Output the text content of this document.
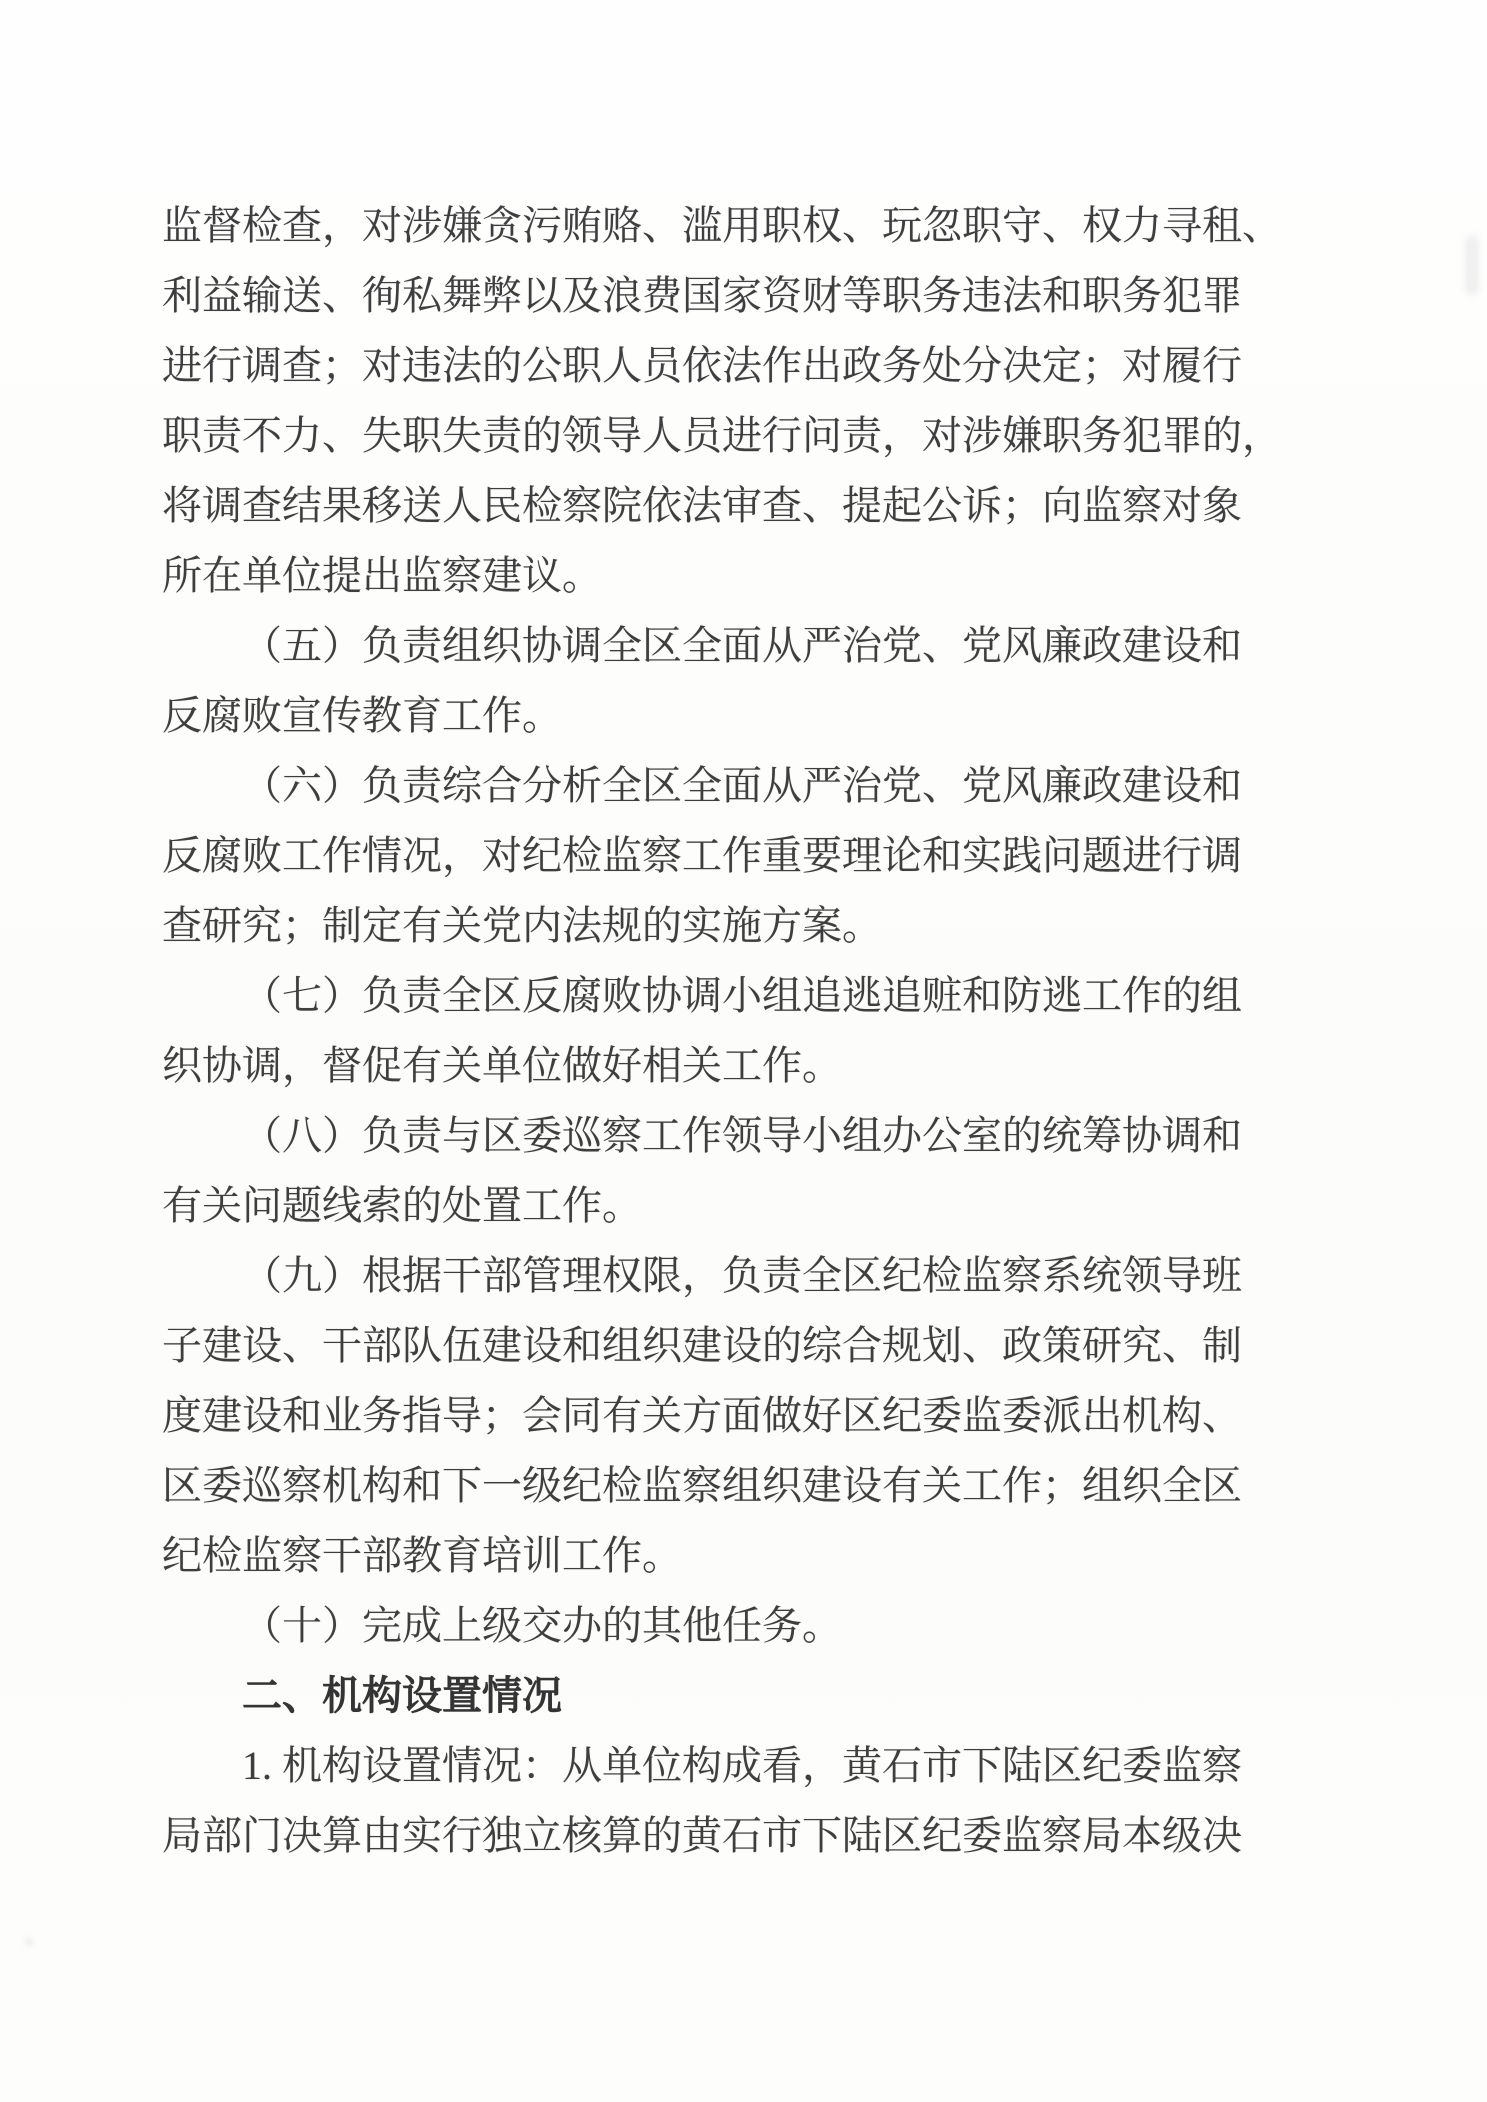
监督检查，对涉嫌贪污贿赂、滥用职权、玩忽职守、权力寻租、
利益输送、徇私舞弊以及浪费国家资财等职务违法和职务犯罪
进行调查；对违法的公职人员依法作出政务处分决定；对履行
职责不力、失职失责的领导人员进行问责，对涉嫌职务犯罪的，
将调查结果移送人民检察院依法审查、提起公诉；向监察对象
所在单位提出监察建议。
（五）负责组织协调全区全面从严治党、党风廉政建设和
反腐败宣传教育工作。
（六）负责综合分析全区全面从严治党、党风廉政建设和
反腐败工作情况，对纪检监察工作重要理论和实践问题进行调
查研究；制定有关党内法规的实施方案。
（七）负责全区反腐败协调小组追逃追赃和防逃工作的组
织协调，督促有关单位做好相关工作。
（八）负责与区委巡察工作领导小组办公室的统筹协调和
有关问题线索的处置工作。
（九）根据干部管理权限，负责全区纪检监察系统领导班
子建设、干部队伍建设和组织建设的综合规划、政策研究、制
度建设和业务指导；会同有关方面做好区纪委监委派出机构、
区委巡察机构和下一级纪检监察组织建设有关工作；组织全区
纪检监察干部教育培训工作。
（十）完成上级交办的其他任务。
二、机构设置情况
1. 机构设置情况：从单位构成看，黄石市下陆区纪委监察
局部门决算由实行独立核算的黄石市下陆区纪委监察局本级决
